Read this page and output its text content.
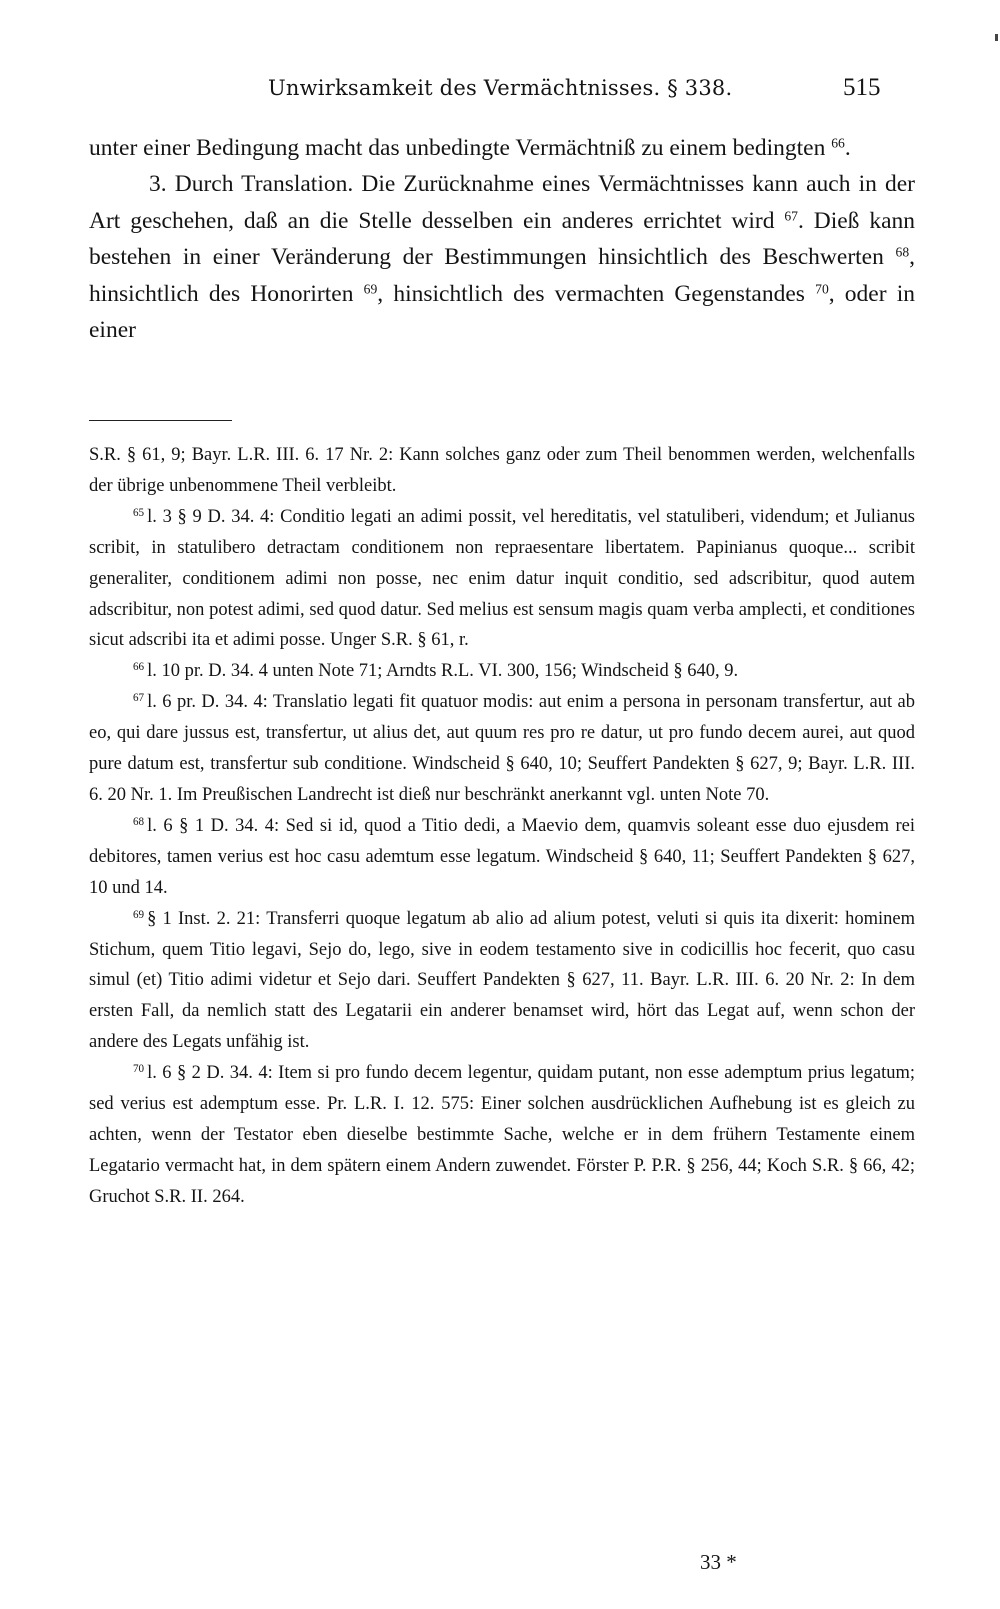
Unwirksamkeit des Vermächtnisses. § 338.	515

unter einer Bedingung macht das unbedingte Vermächtniß zu einem bedingten $^{66}$.

3. Durch Translation. Die Zurücknahme eines Vermächtnisses kann auch in der Art geschehen, daß an die Stelle desselben ein anderes errichtet wird $^{67}$. Dieß kann bestehen in einer Veränderung der Bestimmungen hinsichtlich des Beschwerten $^{68}$, hinsichtlich des Honorirten $^{69}$, hinsichtlich des vermachten Gegenstandes $^{70}$, oder in einer

S.R. § 61, 9; Bayr. L.R. III. 6. 17 Nr. 2: Kann solches ganz oder zum Theil benommen werden, welchenfalls der übrige unbenommene Theil verbleibt.

$^{65}$ l. 3 § 9 D. 34. 4: Conditio legati an adimi possit, vel hereditatis, vel statuliberi, videndum; et Julianus scribit, in statulibero detractam conditionem non repraesentare libertatem. Papinianus quoque... scribit generaliter, conditionem adimi non posse, nec enim datur inquit conditio, sed adscribitur, quod autem adscribitur, non potest adimi, sed quod datur. Sed melius est sensum magis quam verba amplecti, et conditiones sicut adscribi ita et adimi posse. Unger S.R. § 61, r.

$^{66}$ l. 10 pr. D. 34. 4 unten Note 71; Arndts R.L. VI. 300, 156; Windscheid § 640, 9.

$^{67}$ l. 6 pr. D. 34. 4: Translatio legati fit quatuor modis: aut enim a persona in personam transfertur, aut ab eo, qui dare jussus est, transfertur, ut alius det, aut quum res pro re datur, ut pro fundo decem aurei, aut quod pure datum est, transfertur sub conditione. Windscheid § 640, 10; Seuffert Pandekten § 627, 9; Bayr. L.R. III. 6. 20 Nr. 1. Im Preußischen Landrecht ist dieß nur beschränkt anerkannt vgl. unten Note 70.

$^{68}$ l. 6 § 1 D. 34. 4: Sed si id, quod a Titio dedi, a Maevio dem, quamvis soleant esse duo ejusdem rei debitores, tamen verius est hoc casu ademtum esse legatum. Windscheid § 640, 11; Seuffert Pandekten § 627, 10 und 14.

$^{69}$ § 1 Inst. 2. 21: Transferri quoque legatum ab alio ad alium potest, veluti si quis ita dixerit: hominem Stichum, quem Titio legavi, Sejo do, lego, sive in eodem testamento sive in codicillis hoc fecerit, quo casu simul (et) Titio adimi videtur et Sejo dari. Seuffert Pandekten § 627, 11. Bayr. L.R. III. 6. 20 Nr. 2: In dem ersten Fall, da nemlich statt des Legatarii ein anderer benamset wird, hört das Legat auf, wenn schon der andere des Legats unfähig ist.

$^{70}$ l. 6 § 2 D. 34. 4: Item si pro fundo decem legentur, quidam putant, non esse ademptum prius legatum; sed verius est ademptum esse. Pr. L.R. I. 12. 575: Einer solchen ausdrücklichen Aufhebung ist es gleich zu achten, wenn der Testator eben dieselbe bestimmte Sache, welche er in dem frühern Testamente einem Legatario vermacht hat, in dem spätern einem Andern zuwendet. Förster P. P.R. § 256, 44; Koch S.R. § 66, 42; Gruchot S.R. II. 264.

33 *
